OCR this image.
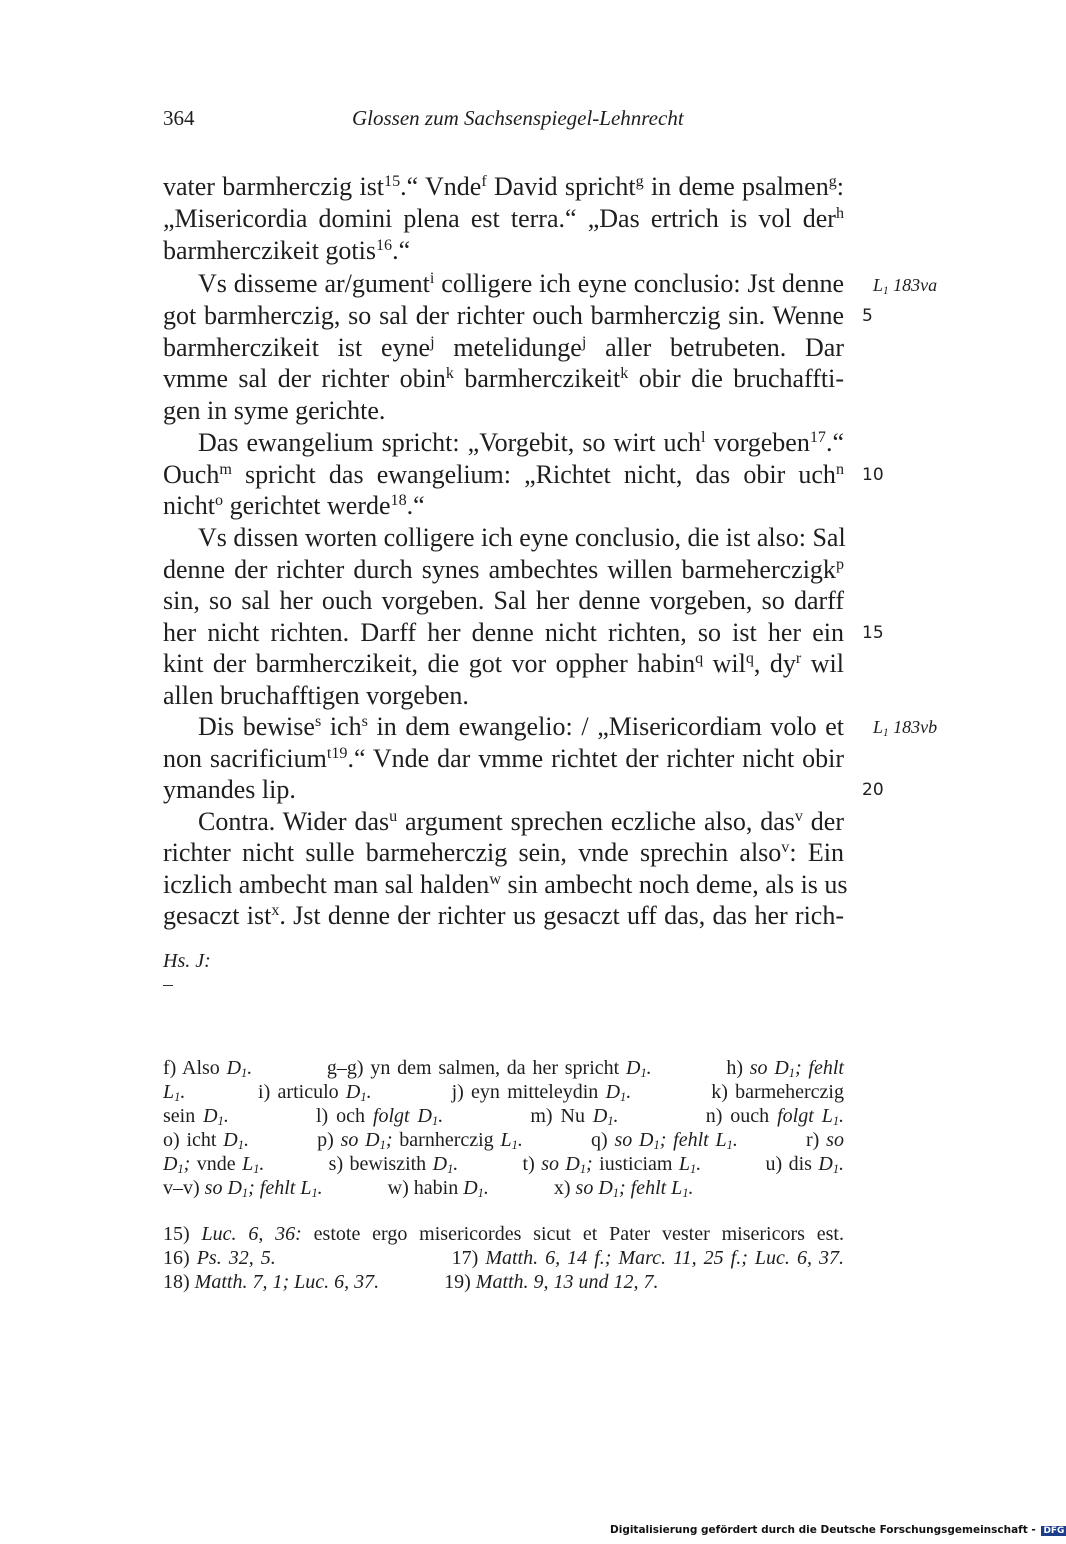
364	Glossen zum Sachsenspiegel-Lehnrecht
vater barmherczig ist$^{15}$.“ Vnde$^f$ David spricht$^g$ in deme psalmen$^g$:
„Misericordia domini plena est terra.“ „Das ertrich is vol der$^h$
barmherczikeit gotis$^{16}$.“
Vs disseme ar/gument$^i$ colligere ich eyne conclusio: Jst denne
got barmherczig, so sal der richter ouch barmherczig sin. Wenne
barmherczikeit ist eyne$^j$ metelidunge$^j$ aller betrubeten. Dar
vmme sal der richter obin$^k$ barmherczikeit$^k$ obir die bruchaffti-
gen in syme gerichte.
Das ewangelium spricht: „Vorgebit, so wirt uch$^l$ vorgeben$^{17}$.“
Ouch$^m$ spricht das ewangelium: „Richtet nicht, das obir uch$^n$
nicht$^o$ gerichtet werde$^{18}$.“
Vs dissen worten colligere ich eyne conclusio, die ist also: Sal
denne der richter durch synes ambechtes willen barmeherczigk$^p$
sin, so sal her ouch vorgeben. Sal her denne vorgeben, so darff
her nicht richten. Darff her denne nicht richten, so ist her ein
kint der barmherczikeit, die got vor oppher habin$^q$ wil$^q$, $dy^r$ wil
allen bruchafftigen vorgeben.
Dis bewise$^s$ ich$^s$ in dem ewangelio: / „Misericordiam volo et
non sacrificium$^{t19}$.“ Vnde dar vmme richtet der richter nicht obir
ymandes lip.
Contra. Wider das$^u$ argument sprechen eczliche also, das$^v$ der
richter nicht sulle barmeherczig sein, vnde sprechin also$^v$: Ein
iczlich ambecht man sal halden$^w$ sin ambecht noch deme, als is us
gesaczt ist$^x$. Jst denne der richter us gesaczt uff das, das her rich-
5
10
15
20
$L_1$ 183va
$L_1$ 183vb
Hs. J:
f) Also $D_1$.           g–g) yn dem salmen, da her spricht $D_1$.           h) so $D_1$; fehlt
$L_1$.          i) articulo $D_1$.           j) eyn mitteleydin $D_1$.           k) barmeherczig
sein $D_1$.           l) och folgt $D_1$.           m) Nu $D_1$.           n) ouch folgt $L_1$.
o) icht $D_1$.          p) so $D_1$; barnherczig $L_1$.          q) so $D_1$; fehlt $L_1$.          r) so
$D_1$; vnde $L_1$.          s) bewiszith $D_1$.          t) so $D_1$; iusticiam $L_1$.          u) dis $D_1$.
v–v) so $D_1$; fehlt $L_1$.             w) habin $D_1$.             x) so $D_1$; fehlt $L_1$.
15) Luc. 6, 36: estote ergo misericordes sicut et Pater vester misericors est.
16) Ps. 32, 5.                         17) Matth. 6, 14 f.; Marc. 11, 25 f.; Luc. 6, 37.
18) Matth. 7, 1; Luc. 6, 37.             19) Matth. 9, 13 und 12, 7.
Digitalisierung gefördert durch die Deutsche Forschungsgemeinschaft - DFG
